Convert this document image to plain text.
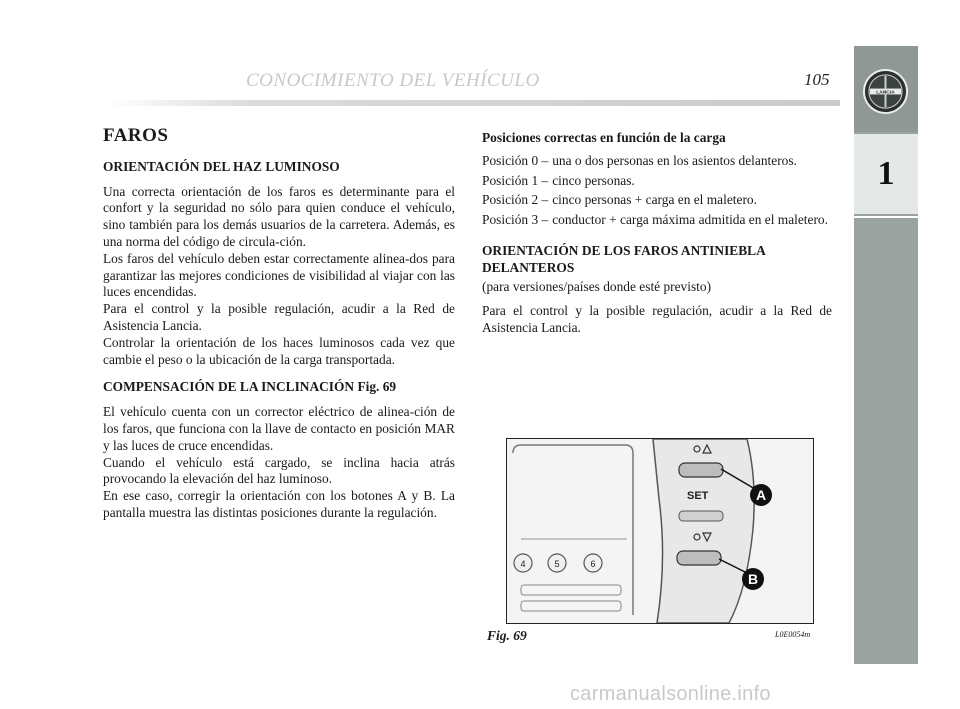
LANCIA
1
CONOCIMIENTO DEL VEHÍCULO	105
FAROS
ORIENTACIÓN DEL HAZ LUMINOSO

Una correcta orientación de los faros es determinante para el confort y la seguridad no sólo para quien conduce el vehículo, sino también para los demás usuarios de la carretera. Además, es una norma del código de circula-ción.

Los faros del vehículo deben estar correctamente alinea-dos para garantizar las mejores condiciones de visibilidad al viajar con las luces encendidas.

Para el control y la posible regulación, acudir a la Red de Asistencia Lancia.

Controlar la orientación de los haces luminosos cada vez que cambie el peso o la ubicación de la carga transportada.

COMPENSACIÓN DE LA INCLINACIÓN Fig. 69

El vehículo cuenta con un corrector eléctrico de alinea-ción de los faros, que funciona con la llave de contacto en posición MAR y las luces de cruce encendidas.

Cuando el vehículo está cargado, se inclina hacia atrás provocando la elevación del haz luminoso.

En ese caso, corregir la orientación con los botones A y B. La pantalla muestra las distintas posiciones durante la regulación.

Posiciones correctas en función de la carga
Posición 0 – una o dos personas en los asientos delanteros.
Posición 1 – cinco personas.
Posición 2 – cinco personas + carga en el maletero.
Posición 3 – conductor + carga máxima admitida en el maletero.
ORIENTACIÓN DE LOS FAROS ANTINIEBLA DELANTEROS

(para versiones/países donde esté previsto)

Para el control y la posible regulación, acudir a la Red de Asistencia Lancia.

SET	A
B
4	5	6
Fig. 69	L0E0054m
carmanualsonline.info
